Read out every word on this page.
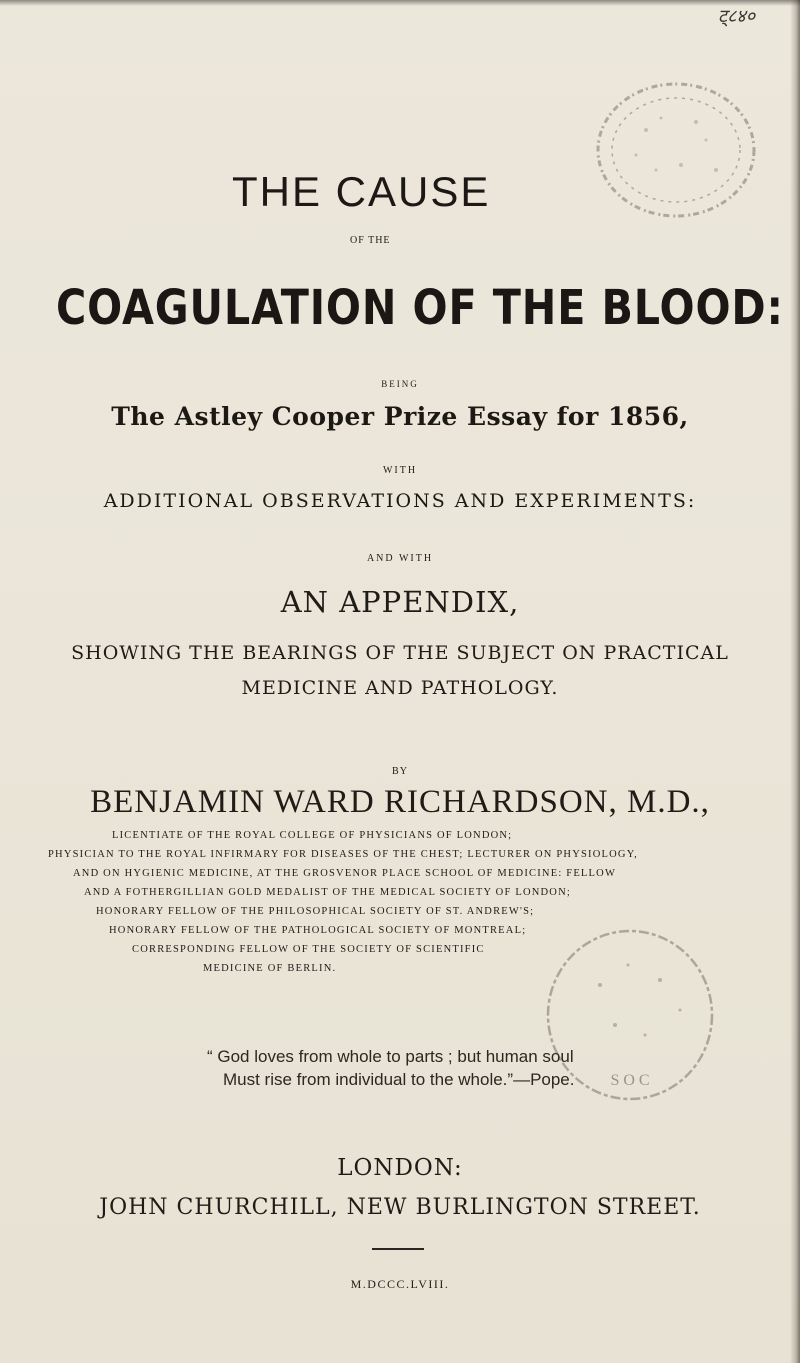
ट्‍८४०
THE CAUSE
OF THE
COAGULATION OF THE BLOOD:
BEING
The Astley Cooper Prize Essay for 1856,
WITH
ADDITIONAL OBSERVATIONS AND EXPERIMENTS:
AND WITH
AN APPENDIX,
SHOWING THE BEARINGS OF THE SUBJECT ON PRACTICAL
MEDICINE AND PATHOLOGY.
BY
BENJAMIN WARD RICHARDSON, M.D.,
LICENTIATE OF THE ROYAL COLLEGE OF PHYSICIANS OF LONDON;
PHYSICIAN TO THE ROYAL INFIRMARY FOR DISEASES OF THE CHEST; LECTURER ON PHYSIOLOGY,
AND ON HYGIENIC MEDICINE, AT THE GROSVENOR PLACE SCHOOL OF MEDICINE: FELLOW
AND A FOTHERGILLIAN GOLD MEDALIST OF THE MEDICAL SOCIETY OF LONDON;
HONORARY FELLOW OF THE PHILOSOPHICAL SOCIETY OF ST. ANDREW'S;
HONORARY FELLOW OF THE PATHOLOGICAL SOCIETY OF MONTREAL;
CORRESPONDING FELLOW OF THE SOCIETY OF SCIENTIFIC
MEDICINE OF BERLIN.
S O C
“ God loves from whole to parts ; but human soul
Must rise from individual to the whole.”—Pope.
LONDON:
JOHN CHURCHILL, NEW BURLINGTON STREET.
M.DCCC.LVIII.
